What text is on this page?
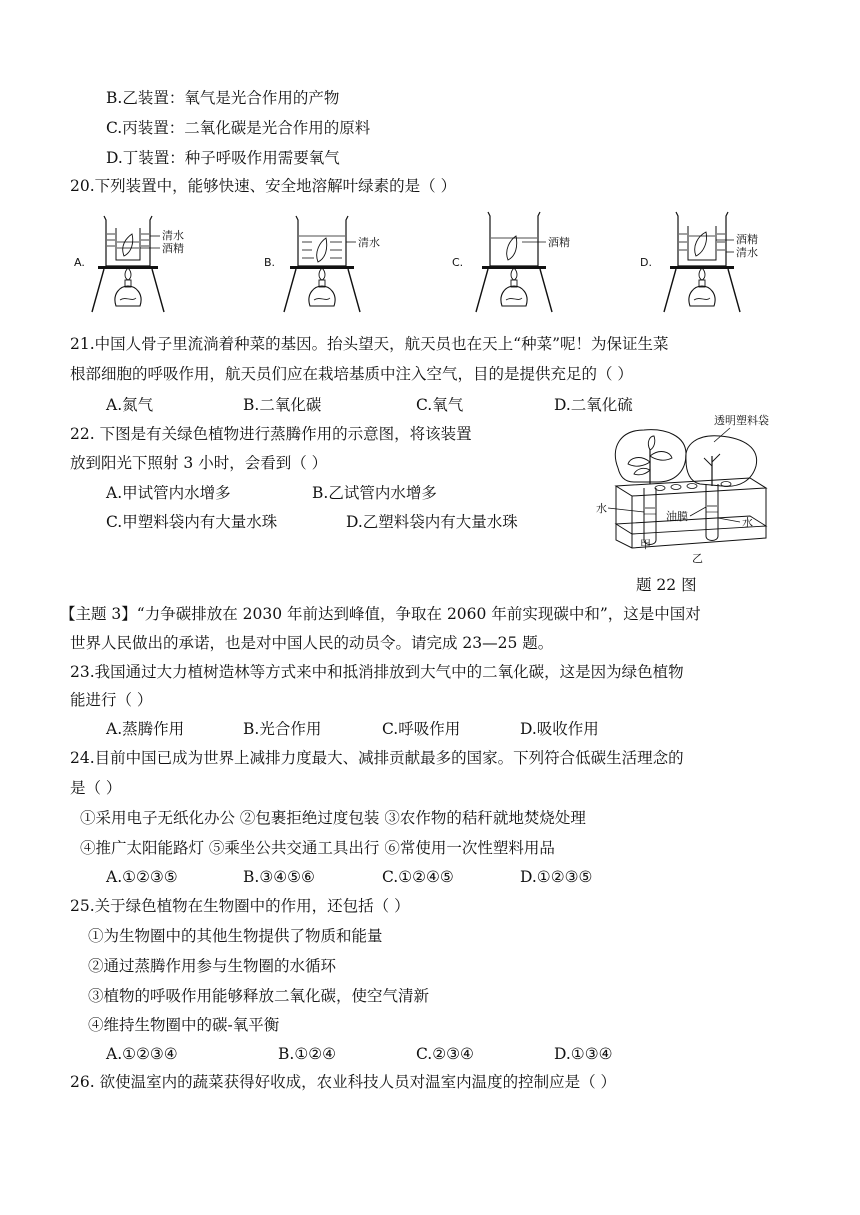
B.乙装置：氧气是光合作用的产物
C.丙装置：二氧化碳是光合作用的原料
D.丁装置：种子呼吸作用需要氧气
20.下列装置中，能够快速、安全地溶解叶绿素的是（ ）
A.
清水
酒精
B.
清水
C.
酒精
D.
酒精
清水
21.中国人骨子里流淌着种菜的基因。抬头望天，航天员也在天上“种菜”呢！为保证生菜
根部细胞的呼吸作用，航天员们应在栽培基质中注入空气，目的是提供充足的（ ）
A.氮气	B.二氧化碳	C.氧气	D.二氧化硫
22. 下图是有关绿色植物进行蒸腾作用的示意图，将该装置
放到阳光下照射 3 小时，会看到（ ）
A.甲试管内水增多	B.乙试管内水增多
C.甲塑料袋内有大量水珠	D.乙塑料袋内有大量水珠
透明塑料袋
水
油膜	水
甲
乙
题 22 图
【主题 3】“力争碳排放在 2030 年前达到峰值，争取在 2060 年前实现碳中和”，这是中国对
世界人民做出的承诺，也是对中国人民的动员令。请完成 23—25 题。
23.我国通过大力植树造林等方式来中和抵消排放到大气中的二氧化碳，这是因为绿色植物
能进行（ ）
A.蒸腾作用	B.光合作用	C.呼吸作用	D.吸收作用
24.目前中国已成为世界上减排力度最大、减排贡献最多的国家。下列符合低碳生活理念的
是（ ）
①采用电子无纸化办公 ②包裹拒绝过度包装 ③农作物的秸秆就地焚烧处理
④推广太阳能路灯 ⑤乘坐公共交通工具出行 ⑥常使用一次性塑料用品
A.①②③⑤	B.③④⑤⑥	C.①②④⑤	D.①②③⑤
25.关于绿色植物在生物圈中的作用，还包括（ ）
①为生物圈中的其他生物提供了物质和能量
②通过蒸腾作用参与生物圈的水循环
③植物的呼吸作用能够释放二氧化碳，使空气清新
④维持生物圈中的碳-氧平衡
A.①②③④	B.①②④	C.②③④	D.①③④
26. 欲使温室内的蔬菜获得好收成，农业科技人员对温室内温度的控制应是（ ）
